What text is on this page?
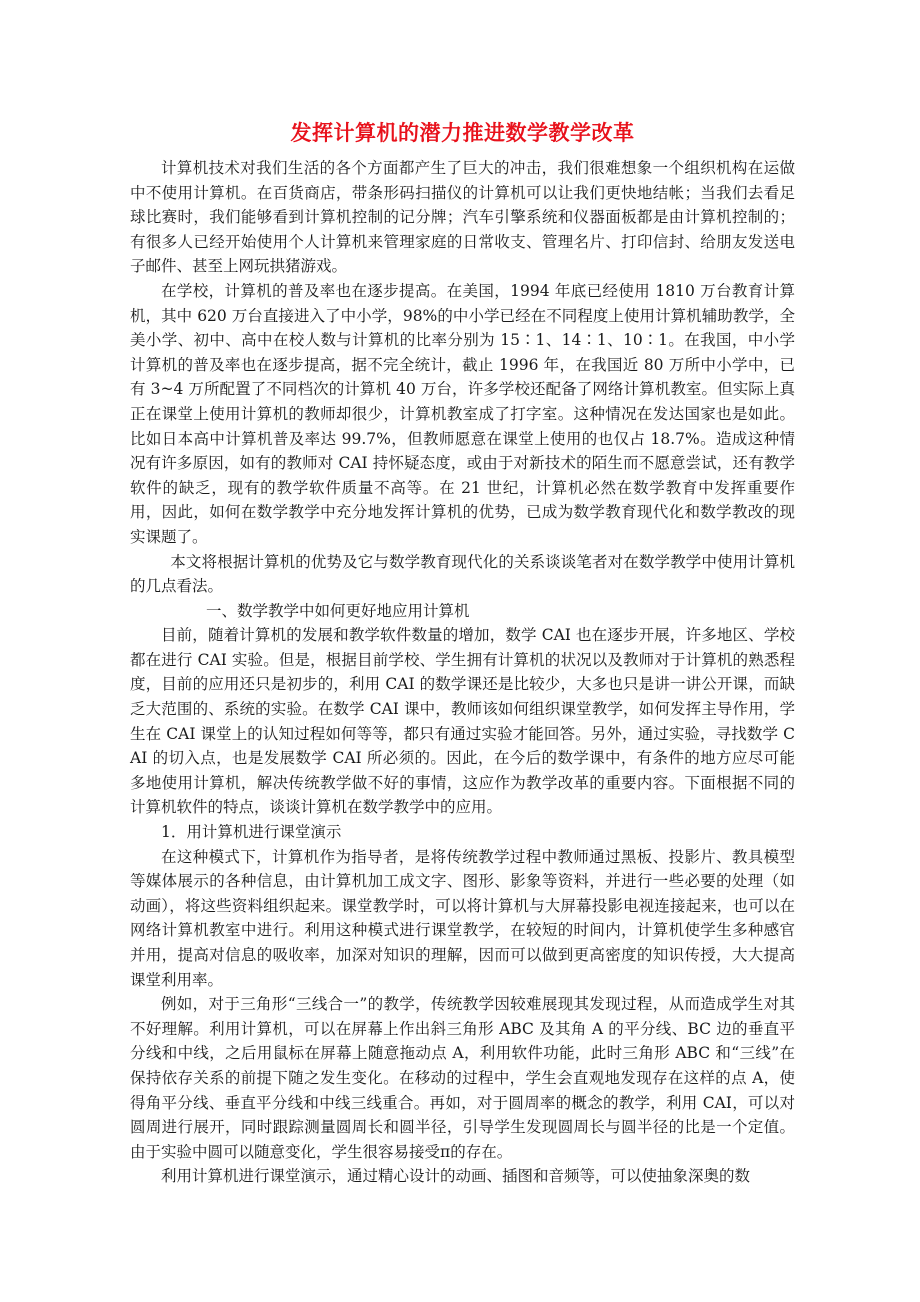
发挥计算机的潜力推进数学教学改革

计算机技术对我们生活的各个方面都产生了巨大的冲击，我们很难想象一个组织机构在运做中不使用计算机。在百货商店，带条形码扫描仪的计算机可以让我们更快地结帐；当我们去看足球比赛时，我们能够看到计算机控制的记分牌；汽车引擎系统和仪器面板都是由计算机控制的；有很多人已经开始使用个人计算机来管理家庭的日常收支、管理名片、打印信封、给朋友发送电子邮件、甚至上网玩拱猪游戏。

在学校，计算机的普及率也在逐步提高。在美国，1994 年底已经使用 1810 万台教育计算机，其中 620 万台直接进入了中小学，98%的中小学已经在不同程度上使用计算机辅助教学，全美小学、初中、高中在校人数与计算机的比率分别为 15∶1、14∶1、10∶1。在我国，中小学计算机的普及率也在逐步提高，据不完全统计，截止 1996 年，在我国近 80 万所中小学中，已有 3~4 万所配置了不同档次的计算机 40 万台，许多学校还配备了网络计算机教室。但实际上真正在课堂上使用计算机的教师却很少，计算机教室成了打字室。这种情况在发达国家也是如此。比如日本高中计算机普及率达 99.7%，但教师愿意在课堂上使用的也仅占 18.7%。造成这种情况有许多原因，如有的教师对 CAI 持怀疑态度，或由于对新技术的陌生而不愿意尝试，还有教学软件的缺乏，现有的教学软件质量不高等。在 21 世纪，计算机必然在数学教育中发挥重要作用，因此，如何在数学教学中充分地发挥计算机的优势，已成为数学教育现代化和数学教改的现实课题了。

本文将根据计算机的优势及它与数学教育现代化的关系谈谈笔者对在数学教学中使用计算机的几点看法。

一、数学教学中如何更好地应用计算机

目前，随着计算机的发展和教学软件数量的增加，数学 CAI 也在逐步开展，许多地区、学校都在进行 CAI 实验。但是，根据目前学校、学生拥有计算机的状况以及教师对于计算机的熟悉程度，目前的应用还只是初步的，利用 CAI 的数学课还是比较少，大多也只是讲一讲公开课，而缺乏大范围的、系统的实验。在数学 CAI 课中，教师该如何组织课堂教学，如何发挥主导作用，学生在 CAI 课堂上的认知过程如何等等，都只有通过实验才能回答。另外，通过实验，寻找数学 CAI 的切入点，也是发展数学 CAI 所必须的。因此，在今后的数学课中，有条件的地方应尽可能多地使用计算机，解决传统教学做不好的事情，这应作为教学改革的重要内容。下面根据不同的计算机软件的特点，谈谈计算机在数学教学中的应用。

1．用计算机进行课堂演示

在这种模式下，计算机作为指导者，是将传统教学过程中教师通过黑板、投影片、教具模型等媒体展示的各种信息，由计算机加工成文字、图形、影象等资料，并进行一些必要的处理（如动画），将这些资料组织起来。课堂教学时，可以将计算机与大屏幕投影电视连接起来，也可以在网络计算机教室中进行。利用这种模式进行课堂教学，在较短的时间内，计算机使学生多种感官并用，提高对信息的吸收率，加深对知识的理解，因而可以做到更高密度的知识传授，大大提高课堂利用率。

例如，对于三角形“三线合一”的教学，传统教学因较难展现其发现过程，从而造成学生对其不好理解。利用计算机，可以在屏幕上作出斜三角形 ABC 及其角 A 的平分线、BC 边的垂直平分线和中线，之后用鼠标在屏幕上随意拖动点 A，利用软件功能，此时三角形 ABC 和“三线”在保持依存关系的前提下随之发生变化。在移动的过程中，学生会直观地发现存在这样的点 A，使得角平分线、垂直平分线和中线三线重合。再如，对于圆周率的概念的教学，利用 CAI，可以对圆周进行展开，同时跟踪测量圆周长和圆半径，引导学生发现圆周长与圆半径的比是一个定值。由于实验中圆可以随意变化，学生很容易接受π的存在。

利用计算机进行课堂演示，通过精心设计的动画、插图和音频等，可以使抽象深奥的数
